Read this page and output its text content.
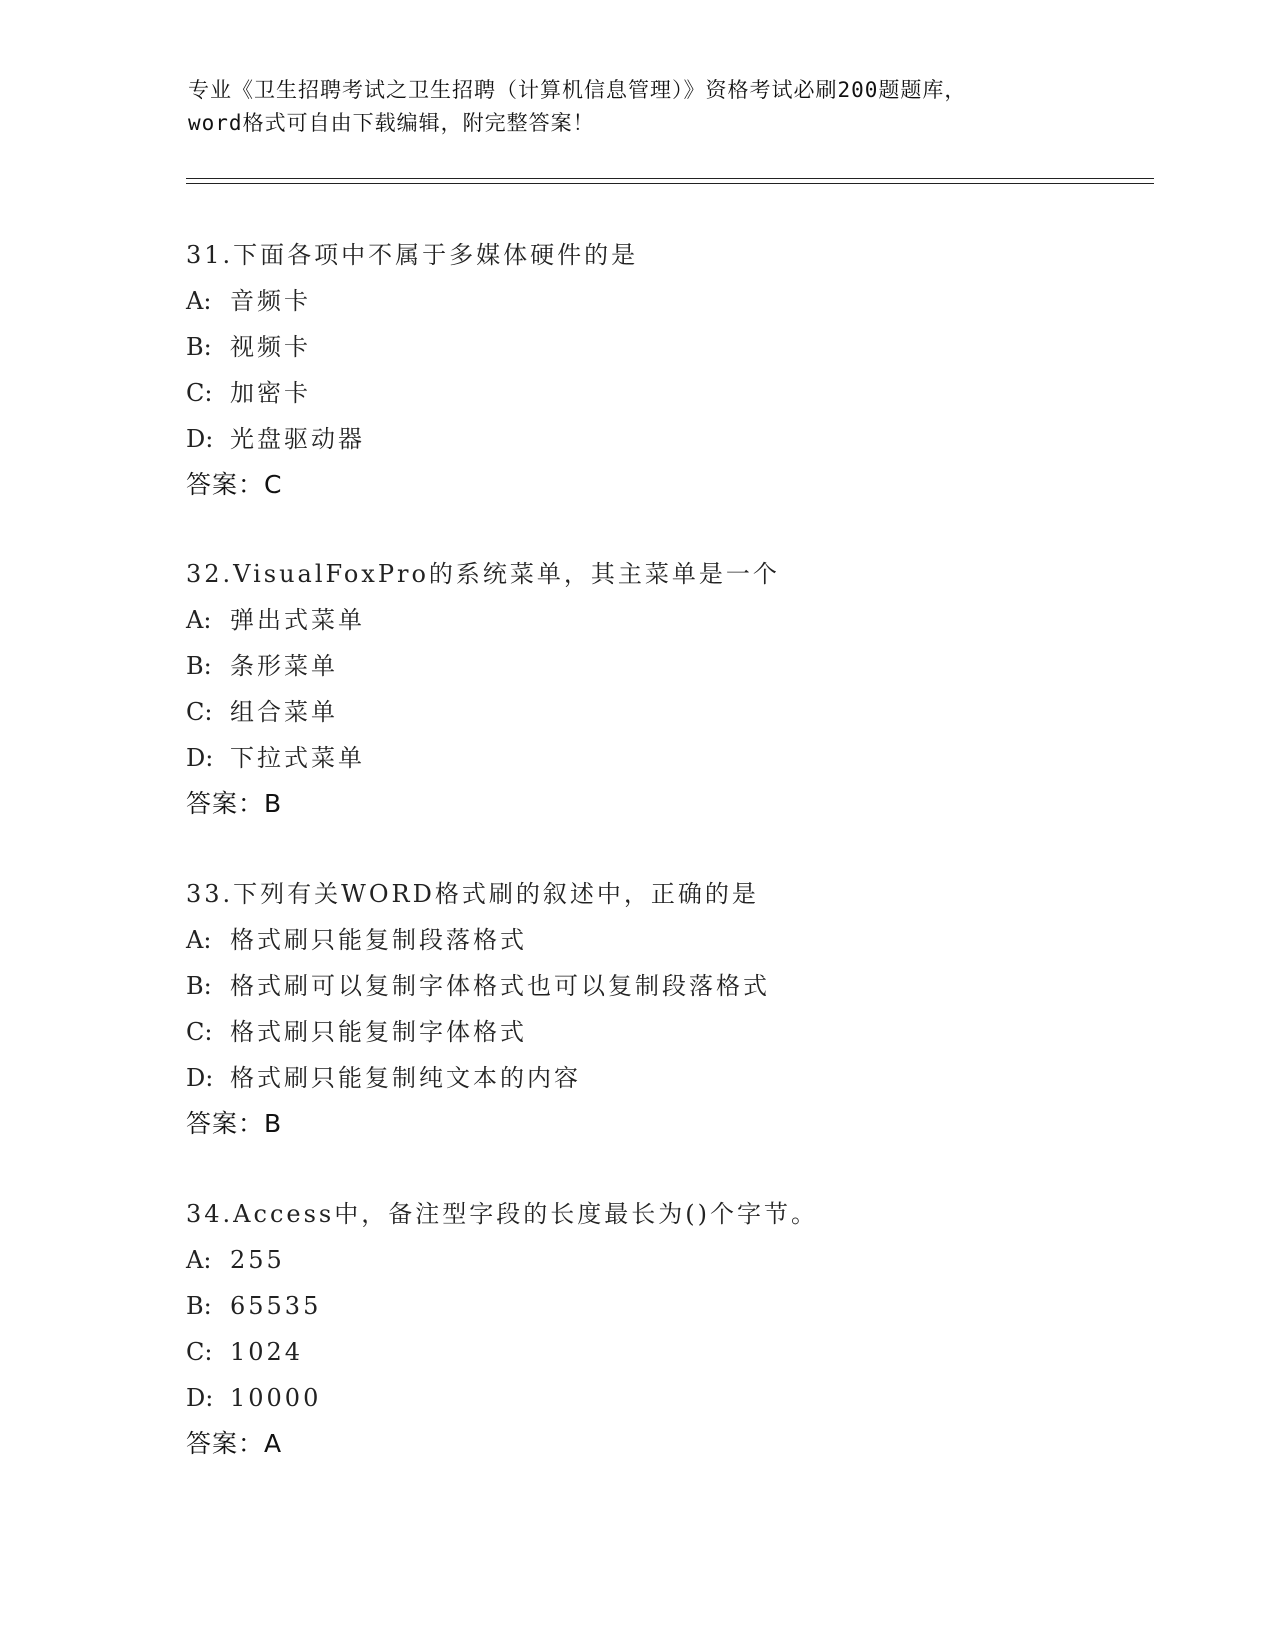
专业《卫生招聘考试之卫生招聘（计算机信息管理）》资格考试必刷200题题库，
word格式可自由下载编辑，附完整答案！
31.下面各项中不属于多媒体硬件的是
A: 音频卡
B: 视频卡
C: 加密卡
D: 光盘驱动器
答案：C
32.VisualFoxPro的系统菜单，其主菜单是一个
A: 弹出式菜单
B: 条形菜单
C: 组合菜单
D: 下拉式菜单
答案：B
33.下列有关WORD格式刷的叙述中，正确的是
A: 格式刷只能复制段落格式
B: 格式刷可以复制字体格式也可以复制段落格式
C: 格式刷只能复制字体格式
D: 格式刷只能复制纯文本的内容
答案：B
34.Access中，备注型字段的长度最长为()个字节。
A: 255
B: 65535
C: 1024
D: 10000
答案：A
